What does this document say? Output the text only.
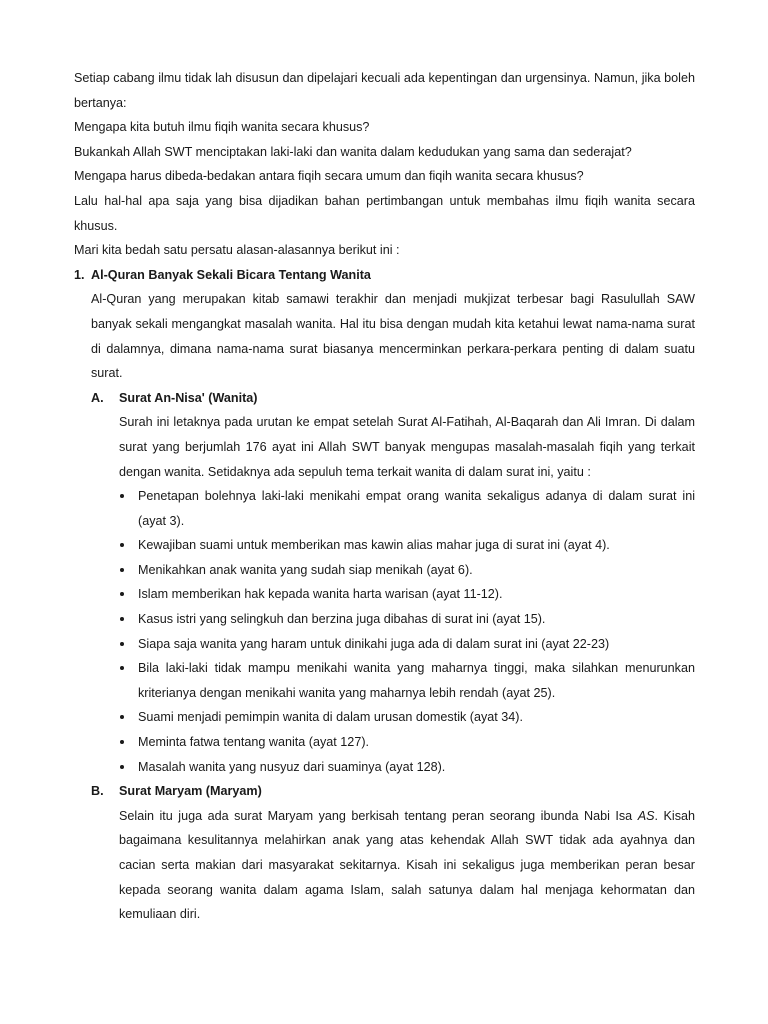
Setiap cabang ilmu tidak lah disusun dan dipelajari kecuali ada kepentingan dan urgensinya. Namun, jika boleh bertanya:

Mengapa kita butuh ilmu fiqih wanita secara khusus?

Bukankah Allah SWT menciptakan laki-laki dan wanita dalam kedudukan yang sama dan sederajat?

Mengapa harus dibeda-bedakan antara fiqih secara umum dan fiqih wanita secara khusus?

Lalu hal-hal apa saja yang bisa dijadikan bahan pertimbangan untuk membahas ilmu fiqih wanita secara khusus.

Mari kita bedah satu persatu alasan-alasannya berikut ini :

1. Al-Quran Banyak Sekali Bicara Tentang Wanita

Al-Quran yang merupakan kitab samawi terakhir dan menjadi mukjizat terbesar bagi Rasulullah SAW banyak sekali mengangkat masalah wanita. Hal itu bisa dengan mudah kita ketahui lewat nama-nama surat di dalamnya, dimana nama-nama surat biasanya mencerminkan perkara-perkara penting di dalam suatu surat.

A.	Surat An-Nisa' (Wanita)

Surah ini letaknya pada urutan ke empat setelah Surat Al-Fatihah, Al-Baqarah dan Ali Imran. Di dalam surat yang berjumlah 176 ayat ini Allah SWT banyak mengupas masalah-masalah fiqih yang terkait dengan wanita. Setidaknya ada sepuluh tema terkait wanita di dalam surat ini, yaitu :

Penetapan bolehnya laki-laki menikahi empat orang wanita sekaligus adanya di dalam surat ini (ayat 3).
Kewajiban suami untuk memberikan mas kawin alias mahar juga di surat ini (ayat 4).
Menikahkan anak wanita yang sudah siap menikah (ayat 6).
Islam memberikan hak kepada wanita harta warisan (ayat 11-12).
Kasus istri yang selingkuh dan berzina juga dibahas di surat ini (ayat 15).
Siapa saja wanita yang haram untuk dinikahi juga ada di dalam surat ini (ayat 22-23)
Bila laki-laki tidak mampu menikahi wanita yang maharnya tinggi, maka silahkan menurunkan kriterianya dengan menikahi wanita yang maharnya lebih rendah (ayat 25).
Suami menjadi pemimpin wanita di dalam urusan domestik (ayat 34).
Meminta fatwa tentang wanita (ayat 127).
Masalah wanita yang nusyuz dari suaminya (ayat 128).
B.	Surat Maryam (Maryam)

Selain itu juga ada surat Maryam yang berkisah tentang peran seorang ibunda Nabi Isa AS. Kisah bagaimana kesulitannya melahirkan anak yang atas kehendak Allah SWT tidak ada ayahnya dan cacian serta makian dari masyarakat sekitarnya. Kisah ini sekaligus juga memberikan peran besar kepada seorang wanita dalam agama Islam, salah satunya dalam hal menjaga kehormatan dan kemuliaan diri.
